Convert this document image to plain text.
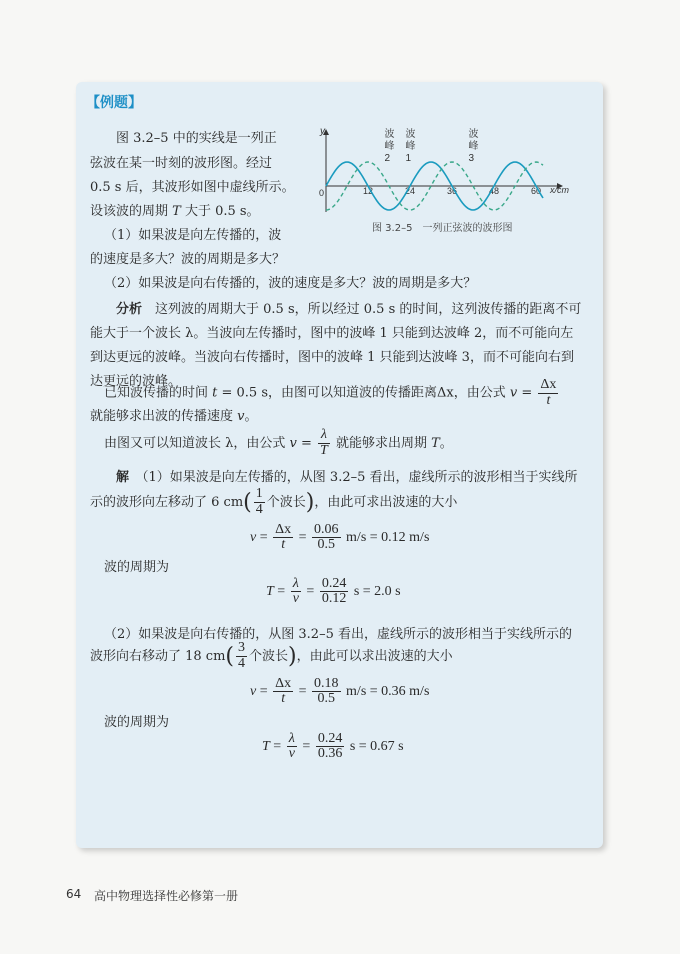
【例题】
图 3.2–5 中的实线是一列正
弦波在某一时刻的波形图。经过
0.5 s 后，其波形如图中虚线所示。
设该波的周期 T 大于 0.5 s。
（1）如果波是向左传播的，波
的速度是多大？波的周期是多大？
（2）如果波是向右传播的，波的速度是多大？波的周期是多大？
y
x/cm
0	12	24	36	48	60
波
峰
2
波
峰
1
波
峰
3
图 3.2–5　一列正弦波的波形图
分析　这列波的周期大于 0.5 s，所以经过 0.5 s 的时间，这列波传播的距离不可
能大于一个波长 λ。当波向左传播时，图中的波峰 1 只能到达波峰 2，而不可能向左
到达更远的波峰。当波向右传播时，图中的波峰 1 只能到达波峰 3，而不可能向右到
达更远的波峰。
已知波传播的时间 t = 0.5 s，由图可以知道波的传播距离Δx，由公式 $v = \frac{\Delta x}{t}$
就能够求出波的传播速度 v。
由图又可以知道波长 λ，由公式 $v = \frac{\lambda}{T}$ 就能够求出周期 T。
解　 （1）如果波是向左传播的，从图 3.2–5 看出，虚线所示的波形相当于实线所
示的波形向左移动了 6 $cm( \frac{1}{4}$ 个波长)，由此可求出波速的大小
$v = \frac{\Delta x}{t} = \frac{0.06}{0.5} m/s = 0.12$ m/s
波的周期为
$T = \frac{\lambda}{v} = \frac{0.24}{0.12}$ s = 2.0 s
（2）如果波是向右传播的，从图 3.2–5 看出，虚线所示的波形相当于实线所示的
波形向右移动了 18 $cm( \frac{3}{4}$ 个波长)，由此可以求出波速的大小
$v = \frac{\Delta x}{t} = \frac{0.18}{0.5} m/s = 0.36$ m/s
波的周期为
$T = \frac{\lambda}{v} = \frac{0.24}{0.36}$ s = 0.67 s
64 高中物理选择性必修第一册
